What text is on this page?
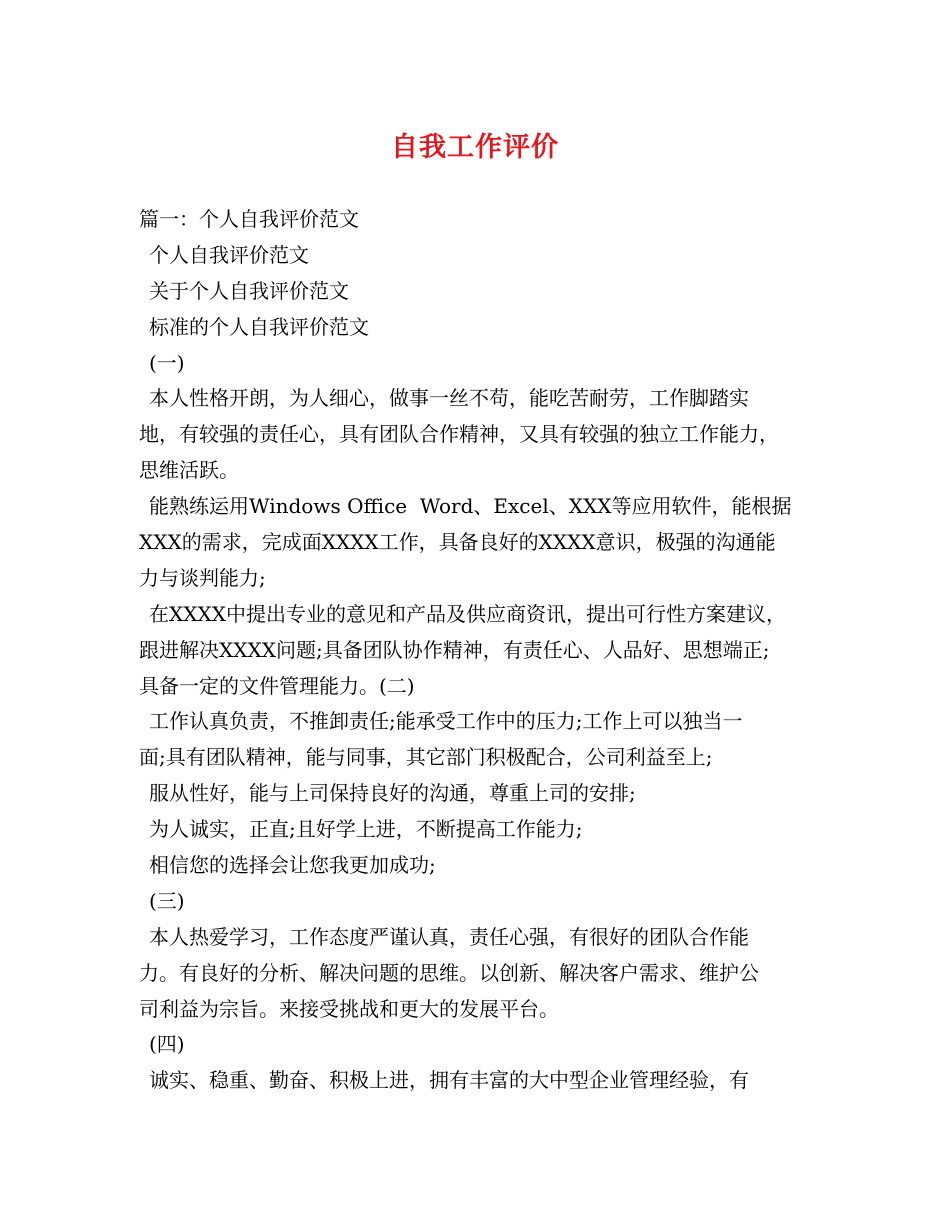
自我工作评价
篇一：个人自我评价范文
个人自我评价范文
关于个人自我评价范文
标准的个人自我评价范文
(一)
本人性格开朗，为人细心，做事一丝不苟，能吃苦耐劳，工作脚踏实
地，有较强的责任心，具有团队合作精神，又具有较强的独立工作能力，
思维活跃。
能熟练运用Windows Office  Word、Excel、XXX等应用软件，能根据
XXX的需求，完成面XXXX工作，具备良好的XXXX意识，极强的沟通能
力与谈判能力;
在XXXX中提出专业的意见和产品及供应商资讯，提出可行性方案建议，
跟进解决XXXX问题;具备团队协作精神，有责任心、人品好、思想端正;
具备一定的文件管理能力。(二)
工作认真负责，不推卸责任;能承受工作中的压力;工作上可以独当一
面;具有团队精神，能与同事，其它部门积极配合，公司利益至上;
服从性好，能与上司保持良好的沟通，尊重上司的安排;
为人诚实，正直;且好学上进，不断提高工作能力;
相信您的选择会让您我更加成功;
(三)
本人热爱学习，工作态度严谨认真，责任心强，有很好的团队合作能
力。有良好的分析、解决问题的思维。以创新、解决客户需求、维护公
司利益为宗旨。来接受挑战和更大的发展平台。
(四)
诚实、稳重、勤奋、积极上进，拥有丰富的大中型企业管理经验，有
